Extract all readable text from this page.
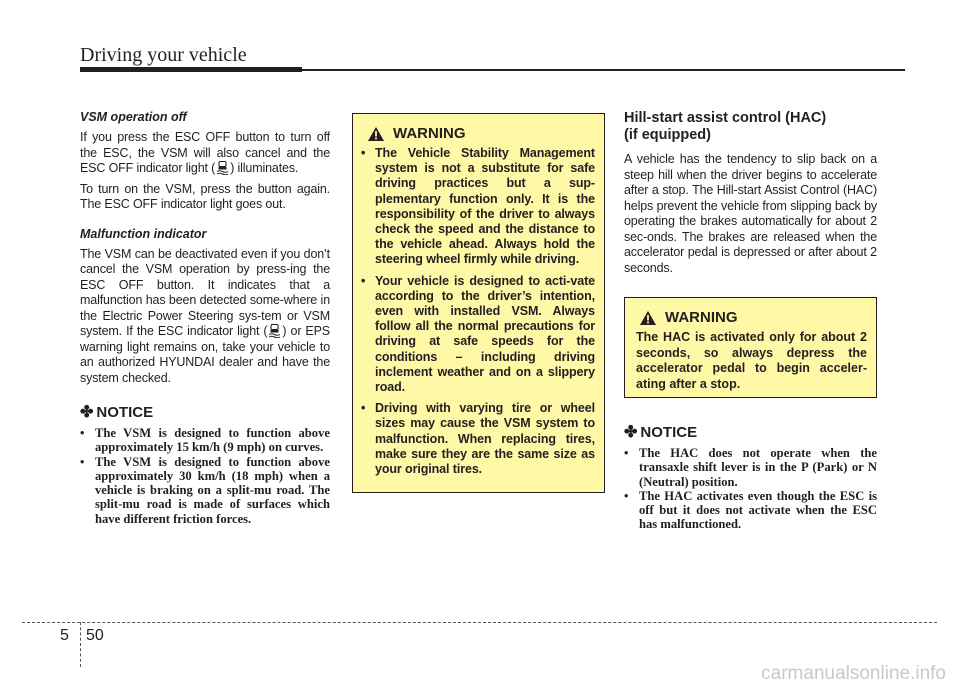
Driving your vehicle
VSM operation off

If you press the ESC OFF button to turn off the ESC, the VSM will also cancel and the ESC OFF indicator light ( ) illuminates.

To turn on the VSM, press the button again. The ESC OFF indicator light goes out.

Malfunction indicator

The VSM can be deactivated even if you don’t cancel the VSM operation by press-ing the ESC OFF button. It indicates that a malfunction has been detected some-where in the Electric Power Steering sys-tem or VSM system. If the ESC indicator light ( ) or EPS warning light remains on, take your vehicle to an authorized HYUNDAI dealer and have the system checked.

✤ NOTICE
• The VSM is designed to function above approximately 15 km/h (9 mph) on curves.
• The VSM is designed to function above approximately 30 km/h (18 mph) when a vehicle is braking on a split-mu road. The split-mu road is made of surfaces which have different friction forces.
WARNING
• The Vehicle Stability Management system is not a substitute for safe driving practices but a sup-plementary function only. It is the responsibility of the driver to always check the speed and the distance to the vehicle ahead. Always hold the steering wheel firmly while driving.
• Your vehicle is designed to acti-vate according to the driver’s intention, even with installed VSM. Always follow all the normal precautions for driving at safe speeds for the conditions – including driving inclement weather and on a slippery road.
• Driving with varying tire or wheel sizes may cause the VSM system to malfunction. When replacing tires, make sure they are the same size as your original tires.
Hill-start assist control (HAC)
(if equipped)

A vehicle has the tendency to slip back on a steep hill when the driver begins to accelerate after a stop. The Hill-start Assist Control (HAC) helps prevent the vehicle from slipping back by operating the brakes automatically for about 2 sec-onds. The brakes are released when the accelerator pedal is depressed or after about 2 seconds.

WARNING

The HAC is activated only for about 2 seconds, so always depress the accelerator pedal to begin acceler-ating after a stop.

✤ NOTICE
• The HAC does not operate when the transaxle shift lever is in the P (Park) or N (Neutral) position.
• The HAC activates even though the ESC is off but it does not activate when the ESC has malfunctioned.
5 50
carmanualsonline.info
